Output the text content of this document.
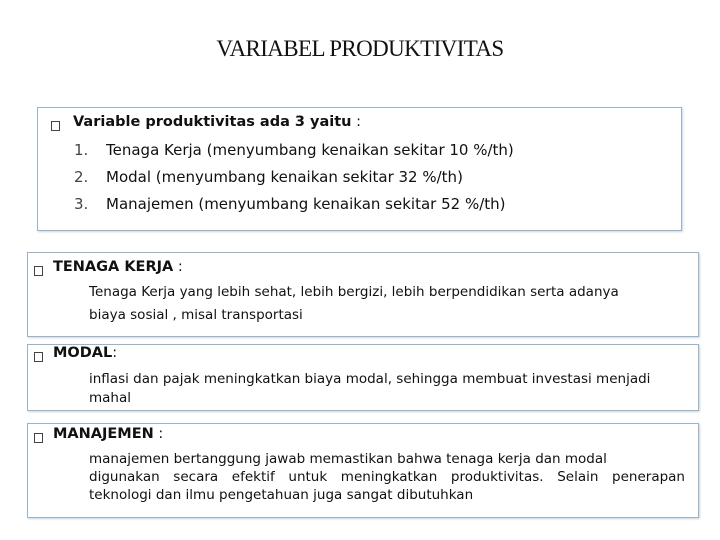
VARIABEL PRODUKTIVITAS
Variable produktivitas ada 3 yaitu :
1. Tenaga Kerja (menyumbang kenaikan sekitar 10 %/th)
2. Modal (menyumbang kenaikan sekitar 32 %/th)
3. Manajemen (menyumbang kenaikan sekitar 52 %/th)
TENAGA KERJA :
Tenaga Kerja yang lebih sehat, lebih bergizi, lebih berpendidikan serta adanya
biaya sosial , misal transportasi
MODAL:
inflasi dan pajak meningkatkan biaya modal, sehingga membuat investasi menjadi
mahal
MANAJEMEN :
manajemen bertanggung jawab memastikan bahwa tenaga kerja dan modal
digunakan secara efektif untuk meningkatkan produktivitas. Selain penerapan
teknologi dan ilmu pengetahuan juga sangat dibutuhkan
